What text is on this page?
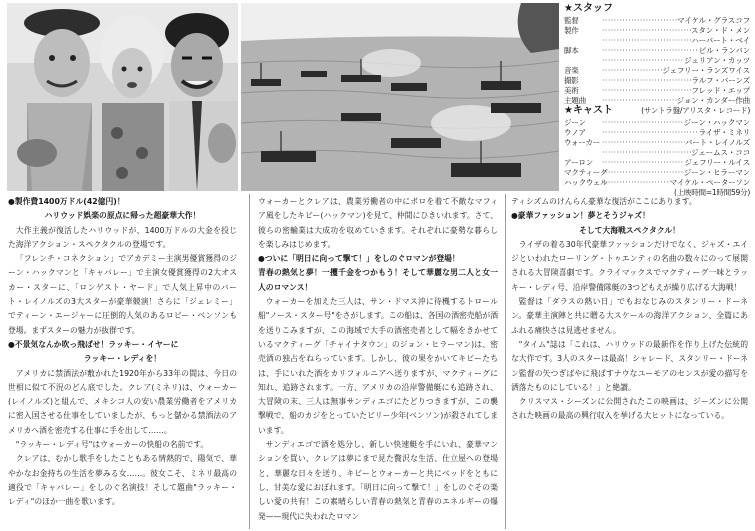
★スタッフ
監督 ·····	マイケル・グラスコフ
製作 ·····	スタン・ド・メン
·····
ハーバート・ベイ
脚本 ·····	ビル・ランバン
·····
ジュリアン・カッツ
音楽 ·····	ジェフリー・ランズワイス
撮影 ·····	ラルフ・バーンズ
美術 ·····	フレッド・エップ
主題曲 ·····	ジョン・カンダー作曲
(サントラ盤/アリスタ・レコード)
★キャスト
ジーン ·····	ジーン・ハックマン
ウノア ·····	ライザ・ミネリ
ウォーカー ·····	バート・レイノルズ
·····
ジェームス・ココ
アーロン ·····	ジェフリー・ルイス
マクティーグ ·····	ジーン・ヒラーマン
ハックウェル ·····	マイケル・ペーターソン
(上映時間=1時間59分)
●製作費1400万ドル(42億円)！
ハリウッド娯楽の原点に帰った超豪華大作！

大作主義が復活したハリウッドが、1400万ドルの大金を投じた海洋アクション・スペクタクルの登場です。

「フレンチ・コネクション」でアカデミー主演男優賞獲得のジーン・ハックマンと「キャバレー」で主演女優賞獲得の2大オスカー・スターに、「ロンゲスト・ヤード」で人気上昇中のバート・レイノルズの3大スターが豪華競演！さらに「ジェレミー」でティーン・エージャーに圧倒的人気のあるロビー・ベンソンも登場。まずスターの魅力が抜群です。

●不景気なんか吹っ飛ばせ！ラッキー・イヤーに
ラッキー・レディを！

アメリカに禁酒法が敷かれた1920年から33年の間は、今日の世相に似て不況のどん底でした。クレア(ミネリ)は、ウォーカー(レイノルズ)と組んで、メキシコ人の安い農業労働者をアメリカに密入国させる仕事をしていましたが、もっと儲かる禁酒法のアメリカへ酒を密売する仕事に手を出して……。

"ラッキー・レディ号"はウォーカーの快船の名前です。

クレアは、むかし歌手をしたこともある情熱的で、陽気で、華やかなお金持ちの生活を夢みる女……。彼女こそ、ミネリ最高の適役で「キャバレー」をしのぐ名演技！そして題曲"ラッキー・レディ"のほか一曲を歌います。

ウォーカーとクレアは、農業労働者の中にボロを着て不敵なマフィア風をしたキビー(ハックマン)を見て、仲間にひきいれます。さて、彼らの密輸業は大成功を収めていきます。それぞれに豪勢な暮らしを楽しみはじめます。

●ついに「明日に向って撃て！」をしのぐロマンが登場！
青春の熱気と夢！一攫千金をつかもう！そして華麗な男二人と女一人のロマンス！

ウォーカーを加えた三人は、サン・ドマス沖に待機するトロール船"ノース・スター号"をさがします。この船は、各国の酒密売船が酒を送りこみますが、この海域で大手の酒密売者として幅をきかせているマクティーグ「チャイナタウン」のジョン・ヒラーマン)は、密売酒の独占をねらっています。しかし、彼の果をかいてキビーたちは、手にいれた酒をカリフォルニアへ送りますが、マクティーグに知れ、追跡されます。一方、アメリカの沿岸警備艇にも追跡され、大冒険の末、三人は無事サンディエゴにたどりつきますが、この襲撃戦で、船のカジをとっていたビリー少年(ベンソン)が殺されてしまいます。

サンディエゴで酒を処分し、新しい快速艇を手にいれ、豪華マンションを買い、クレアは夢にまで見た贅沢な生活、仕立屋への登場と、華麗な日々を送り、キビーとウォーカーと共にベッドをともにし、甘美な愛におぼれます。「明日に向って撃て！」をしのぐその楽しい愛の共有！この素晴らしい青春の熱気と青春のエネルギーの爆発——現代に失われたロマン

ティシズムのけんらん豪華な復活がここにあります。

●豪華ファッション！夢とそうジャズ！
そして大海戦スペクタクル！

ライザの着る30年代豪華ファッションだけでなく、ジャズ・エイジといわれたローリング・トゥエンティの名曲の数々にのって展開される大冒険喜劇です。クライマックスでマクティーグ一味とラッキー・レディ号、沿岸警備隊艇の3つどもえが繰り広げる大海戦！

監督は「ダラスの熱い日」でもおなじみのスタンリー・ドーネン。豪華主演陣と共に贈る大スケールの海洋アクション、全篇にあふれる痛快さは見逃せません。

"タイム"誌は「これは、ハリウッドの最新作を作り上げた伝統的な大作です。3人のスターは最高！シャレード、スタンリー・ドーネン監督の矢つぎばやに飛ばすナウなユーモアのセンスが愛の描写を洒落たものにしている！」と絶讃。

クリスマス・シーズンに公開されたこの映画は、ジーズンに公開された映画の最高の興行収入を挙げる大ヒットになっている。
